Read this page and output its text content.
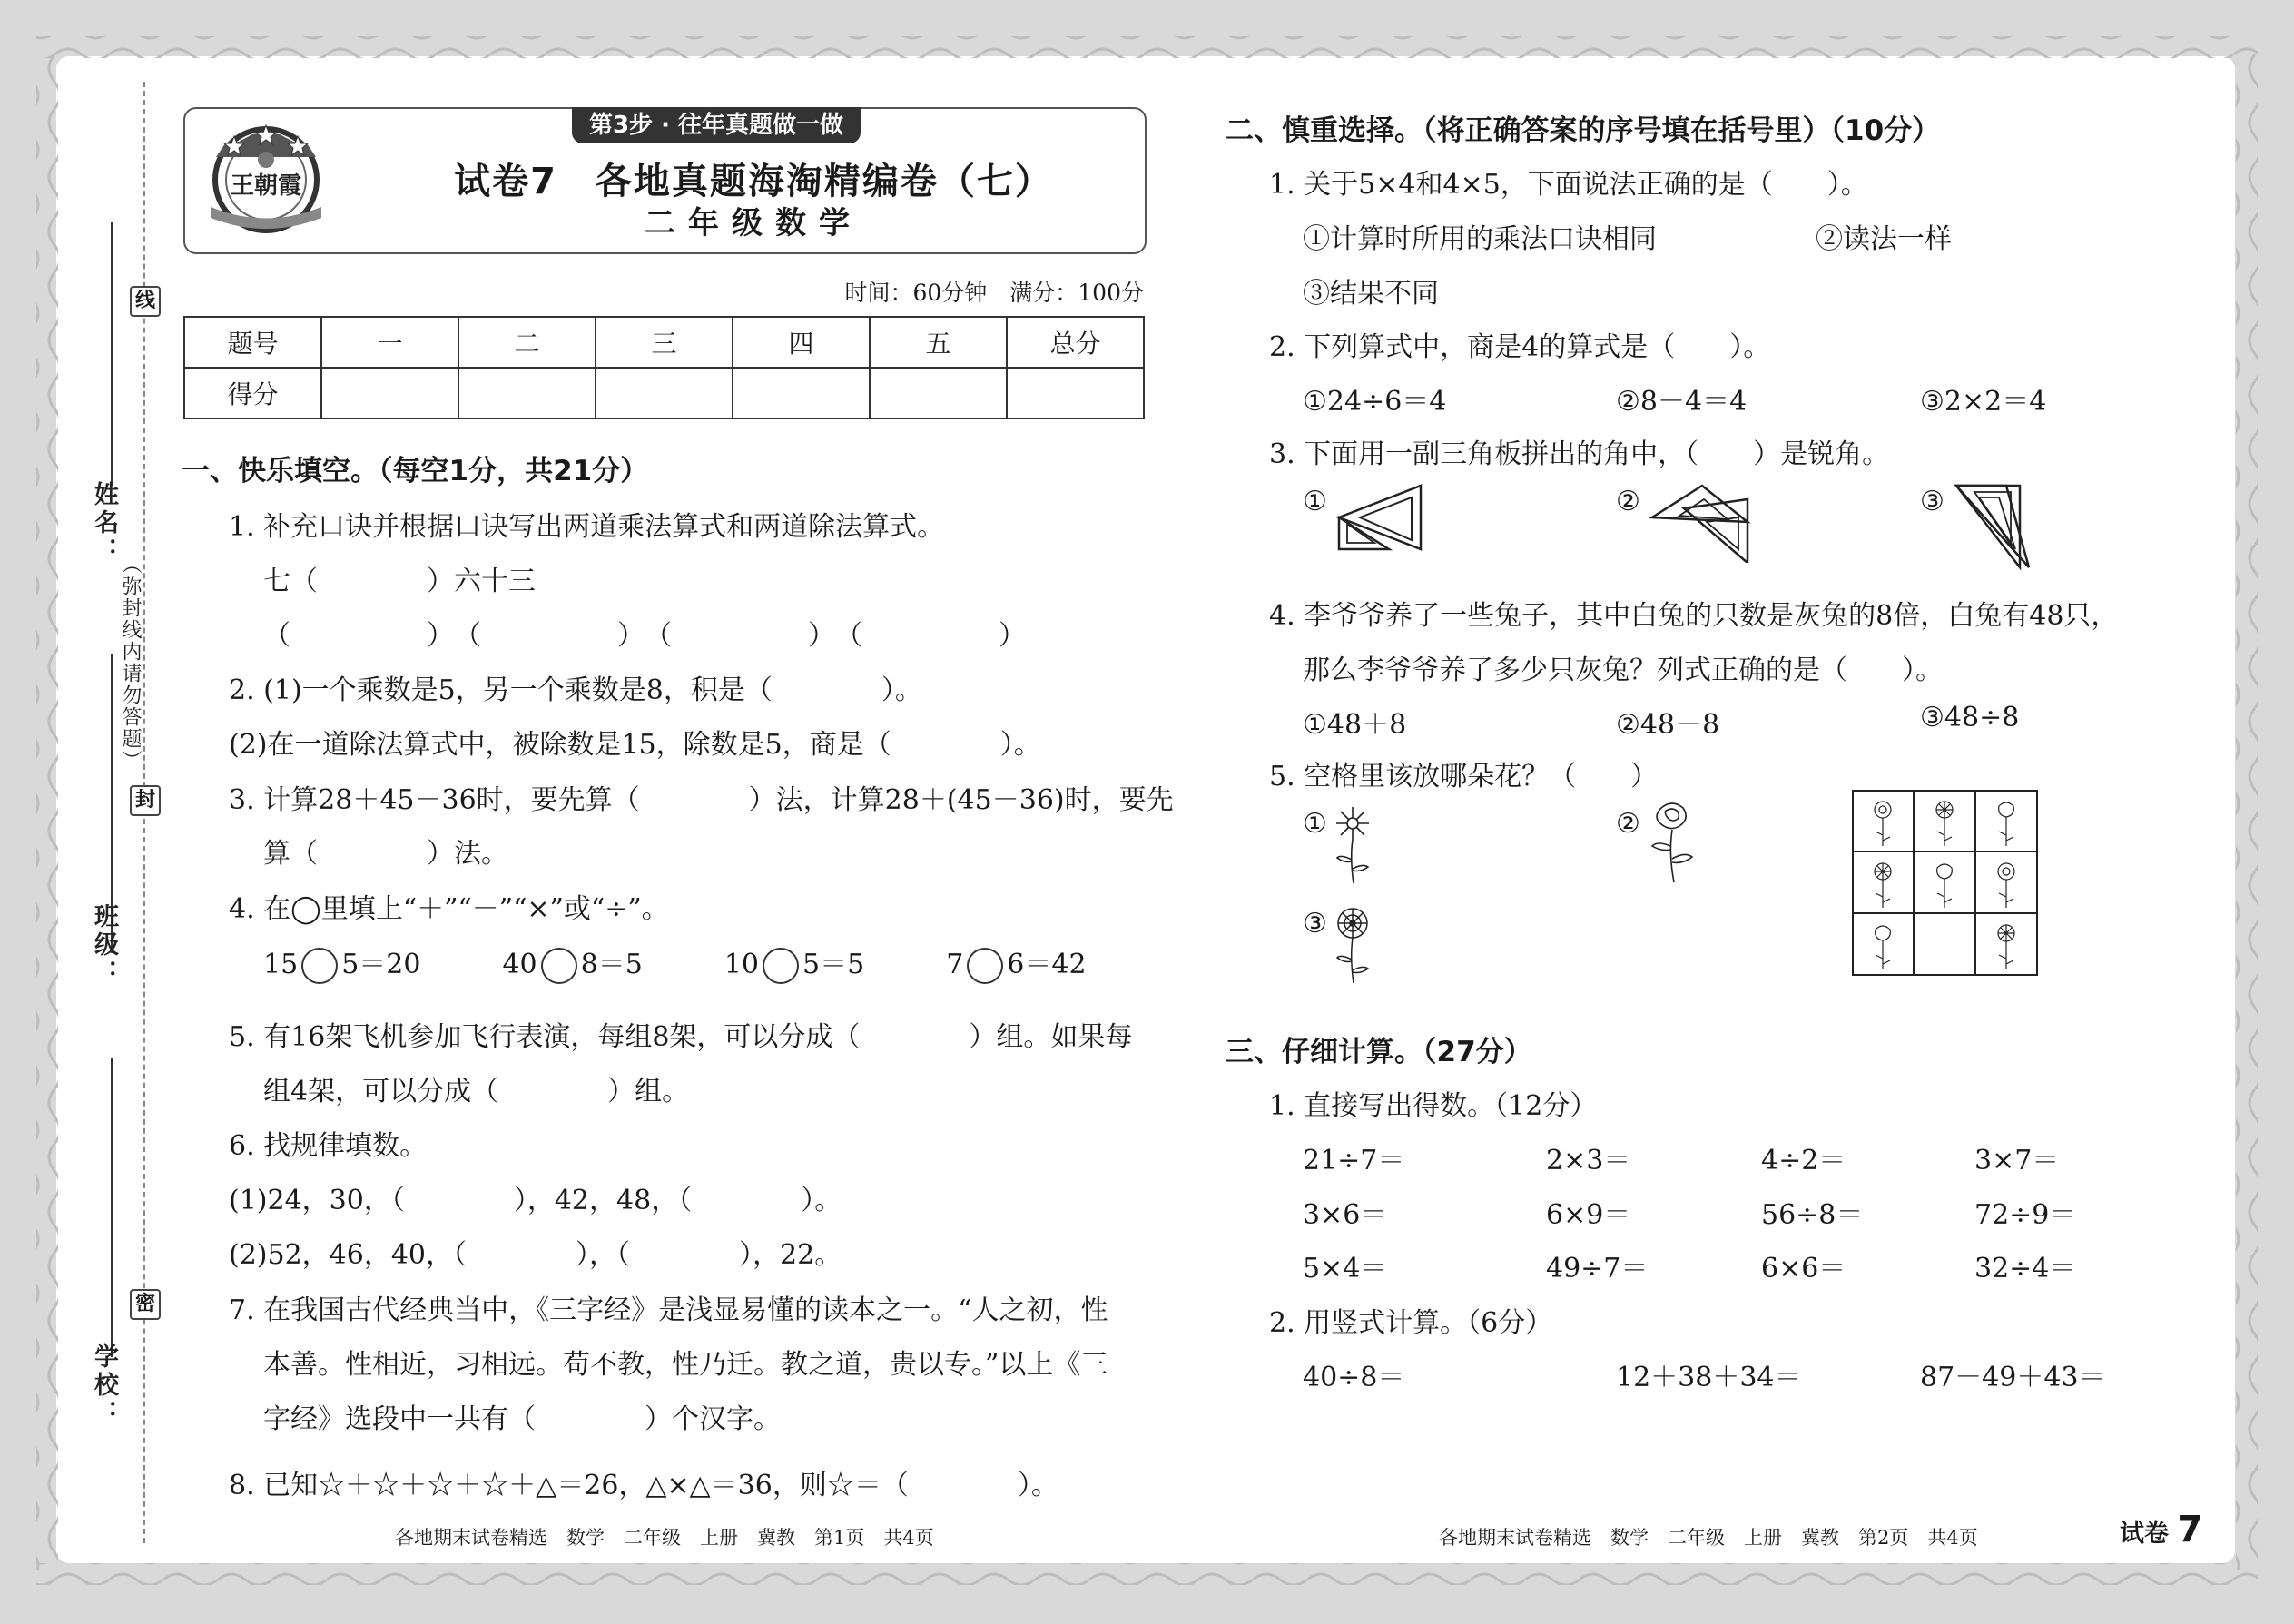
线
封
密
（弥封线内请勿答题）
姓名：
班级：
学校：
第3步 · 往年真题做一做
王朝霞	试卷7　各地真题海淘精编卷（七）
二年级数学
时间：60分钟　满分：100分
题号	一	二	三	四	五	总分
得分						
一、快乐填空。（每空1分，共21分）
1. 补充口诀并根据口诀写出两道乘法算式和两道除法算式。
七（　　　　）六十三
（　　　　　）　（　　　　　）　（　　　　　）　（　　　　　）
2. (1)一个乘数是5，另一个乘数是8，积是（　　　　）。
(2)在一道除法算式中，被除数是15，除数是5，商是（　　　　）。
3. 计算28＋45－36时，要先算（　　　　）法，计算28＋(45－36)时，要先
算（　　　　）法。
4. 在◯里填上“＋”“－”“×”或“÷”。
15 5＝20　　　	40 8＝5　　　	10 5＝5　　　	7 6＝42
5. 有16架飞机参加飞行表演，每组8架，可以分成（　　　　）组。如果每
组4架，可以分成（　　　　）组。
6. 找规律填数。
(1)24，30，（　　　　），42，48，（　　　　）。
(2)52，46，40，（　　　　），（　　　　），22。
7. 在我国古代经典当中，《三字经》是浅显易懂的读本之一。“人之初，性
本善。性相近，习相远。苟不教，性乃迁。教之道，贵以专。”以上《三
字经》选段中一共有（　　　　）个汉字。
8. 已知☆＋☆＋☆＋☆＋△＝26，△×△＝36，则☆＝（　　　　）。
各地期末试卷精选　数学　二年级　上册　冀教　第1页　共4页
二、慎重选择。（将正确答案的序号填在括号里）（10分）
1. 关于5×4和4×5，下面说法正确的是（　　）。
①计算时所用的乘法口诀相同	②读法一样
③结果不同
2. 下列算式中，商是4的算式是（　　）。
①24÷6＝4	②8－4＝4	③2×2＝4
3. 下面用一副三角板拼出的角中，（　　）是锐角。
①	②	③
4. 李爷爷养了一些兔子，其中白兔的只数是灰兔的8倍，白兔有48只，
那么李爷爷养了多少只灰兔？列式正确的是（　　）。
①48＋8	②48－8	③48÷8
5. 空格里该放哪朵花？（　　）
①	②
③
三、仔细计算。（27分）
1. 直接写出得数。（12分）
21÷7＝	2×3＝	4÷2＝	3×7＝
3×6＝	6×9＝	56÷8＝	72÷9＝
5×4＝	49÷7＝	6×6＝	32÷4＝
2. 用竖式计算。（6分）
40÷8＝	12＋38＋34＝	87－49＋43＝
各地期末试卷精选　数学　二年级　上册　冀教　第2页　共4页	试卷 7
